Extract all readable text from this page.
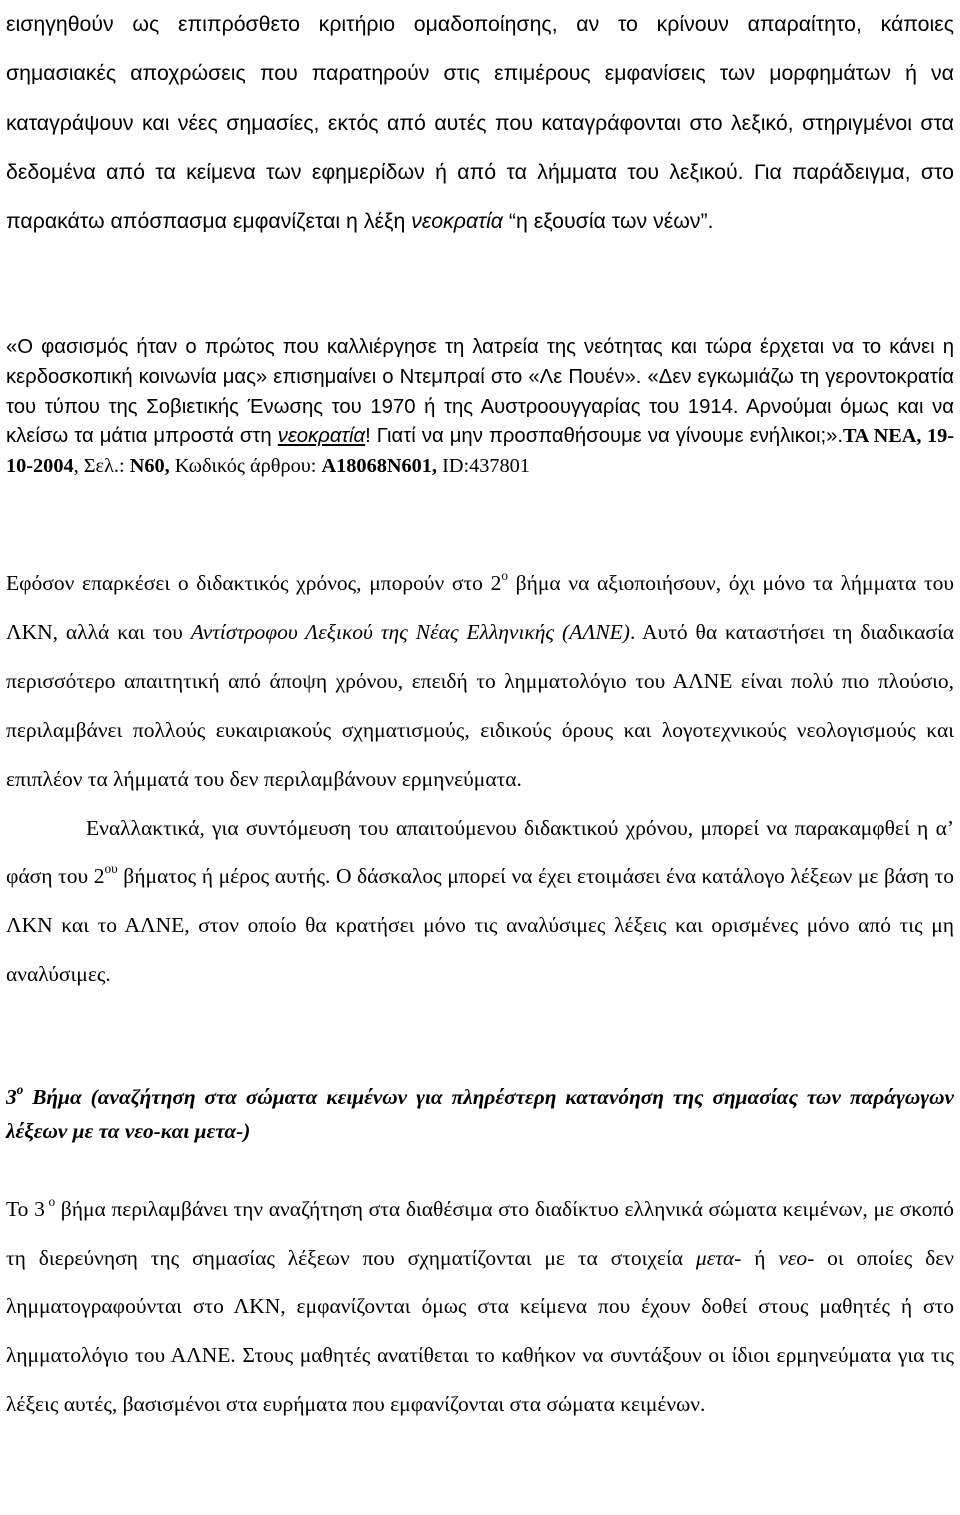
εισηγηθούν ως επιπρόσθετο κριτήριο ομαδοποίησης, αν το κρίνουν απαραίτητο, κάποιες σημασιακές αποχρώσεις που παρατηρούν στις επιμέρους εμφανίσεις των μορφημάτων ή να καταγράψουν και νέες σημασίες, εκτός από αυτές που καταγράφονται στο λεξικό, στηριγμένοι στα δεδομένα από τα κείμενα των εφημερίδων ή από τα λήμματα του λεξικού. Για παράδειγμα, στο παρακάτω απόσπασμα εμφανίζεται η λέξη νεοκρατία “η εξουσία των νέων”.

«Ο φασισμός ήταν ο πρώτος που καλλιέργησε τη λατρεία της νεότητας και τώρα έρχεται να το κάνει η κερδοσκοπική κοινωνία μας» επισημαίνει ο Ντεμπραί στο «Λε Πουέν». «Δεν εγκωμιάζω τη γεροντοκρατία του τύπου της Σοβιετικής Ένωσης του 1970 ή της Αυστροουγγαρίας του 1914. Αρνούμαι όμως και να κλείσω τα μάτια μπροστά στη νεοκρατία! Γιατί να μην προσπαθήσουμε να γίνουμε ενήλικοι;».ΤΑ ΝΕΑ, 19-10-2004, Σελ.: N60, Κωδικός άρθρου: A18068N601, ID:437801

Εφόσον επαρκέσει ο διδακτικός χρόνος, μπορούν στο $2^o$ βήμα να αξιοποιήσουν, όχι μόνο τα λήμματα του ΛΚΝ, αλλά και του Αντίστροφου Λεξικού της Νέας Ελληνικής (ΑΛΝΕ). Αυτό θα καταστήσει τη διαδικασία περισσότερο απαιτητική από άποψη χρόνου, επειδή το λημματολόγιο του ΑΛΝΕ είναι πολύ πιο πλούσιο, περιλαμβάνει πολλούς ευκαιριακούς σχηματισμούς, ειδικούς όρους και λογοτεχνικούς νεολογισμούς και επιπλέον τα λήμματά του δεν περιλαμβάνουν ερμηνεύματα.
Εναλλακτικά, για συντόμευση του απαιτούμενου διδακτικού χρόνου, μπορεί να παρακαμφθεί η α’ φάση του $2^{o\upsilon}$ βήματος ή μέρος αυτής. Ο δάσκαλος μπορεί να έχει ετοιμάσει ένα κατάλογο λέξεων με βάση το ΛΚΝ και το ΑΛΝΕ, στον οποίο θα κρατήσει μόνο τις αναλύσιμες λέξεις και ορισμένες μόνο από τις μη αναλύσιμες.

$3^o$ Βήμα (αναζήτηση στα σώματα κειμένων για πληρέστερη κατανόηση της σημασίας των παράγωγων λέξεων με τα νεο-και μετα-)

Το 3 $^o$ βήμα περιλαμβάνει την αναζήτηση στα διαθέσιμα στο διαδίκτυο ελληνικά σώματα κειμένων, με σκοπό τη διερεύνηση της σημασίας λέξεων που σχηματίζονται με τα στοιχεία μετα- ή νεο- οι οποίες δεν λημματογραφούνται στο ΛΚΝ, εμφανίζονται όμως στα κείμενα που έχουν δοθεί στους μαθητές ή στο λημματολόγιο του ΑΛΝΕ. Στους μαθητές ανατίθεται το καθήκον να συντάξουν οι ίδιοι ερμηνεύματα για τις λέξεις αυτές, βασισμένοι στα ευρήματα που εμφανίζονται στα σώματα κειμένων.
